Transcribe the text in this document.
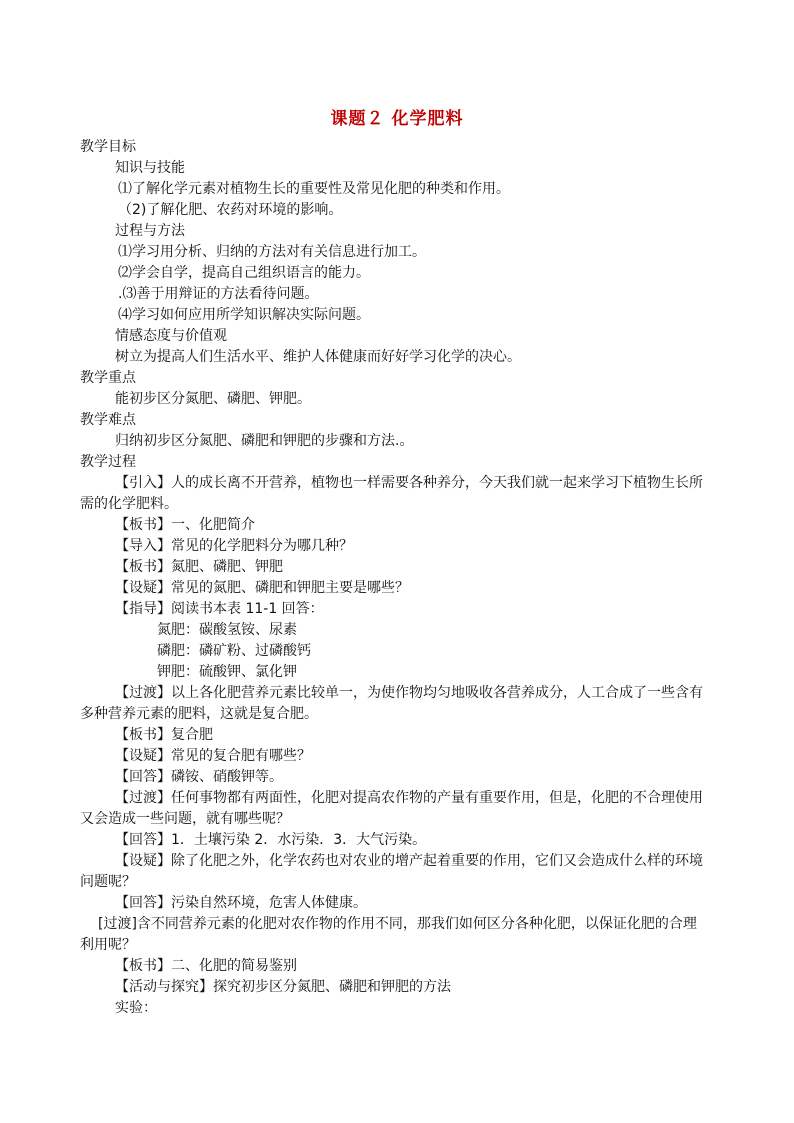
课题２ 化学肥料
教学目标
知识与技能
⑴了解化学元素对植物生长的重要性及常见化肥的种类和作用。
（2)了解化肥、农药对环境的影响。
过程与方法
⑴学习用分析、归纳的方法对有关信息进行加工。
⑵学会自学，提高自己组织语言的能力。
.⑶善于用辩证的方法看待问题。
⑷学习如何应用所学知识解决实际问题。
情感态度与价值观
树立为提高人们生活水平、维护人体健康而好好学习化学的决心。
教学重点
能初步区分氮肥、磷肥、钾肥。
教学难点
归纳初步区分氮肥、磷肥和钾肥的步骤和方法.。
教学过程
【引入】人的成长离不开营养，植物也一样需要各种养分，今天我们就一起来学习下植物生长所
需的化学肥料。
【板书】一、化肥简介
【导入】常见的化学肥料分为哪几种？
【板书】氮肥、磷肥、钾肥
【设疑】常见的氮肥、磷肥和钾肥主要是哪些？
【指导】阅读书本表 11-1 回答：
氮肥：碳酸氢铵、尿素
磷肥：磷矿粉、过磷酸钙
钾肥：硫酸钾、氯化钾
【过渡】以上各化肥营养元素比较单一，为使作物均匀地吸收各营养成分，人工合成了一些含有
多种营养元素的肥料，这就是复合肥。
【板书】复合肥
【设疑】常见的复合肥有哪些？
【回答】磷铵、硝酸钾等。
【过渡】任何事物都有两面性，化肥对提高农作物的产量有重要作用，但是，化肥的不合理使用
又会造成一些问题，就有哪些呢？
【回答】1．土壤污染 2．水污染．3．大气污染。
【设疑】除了化肥之外，化学农药也对农业的增产起着重要的作用，它们又会造成什么样的环境
问题呢？
【回答】污染自然环境，危害人体健康。
[过渡]含不同营养元素的化肥对农作物的作用不同，那我们如何区分各种化肥，以保证化肥的合理
利用呢？
【板书】二、化肥的简易鉴别
【活动与探究】探究初步区分氮肥、磷肥和钾肥的方法
实验：
